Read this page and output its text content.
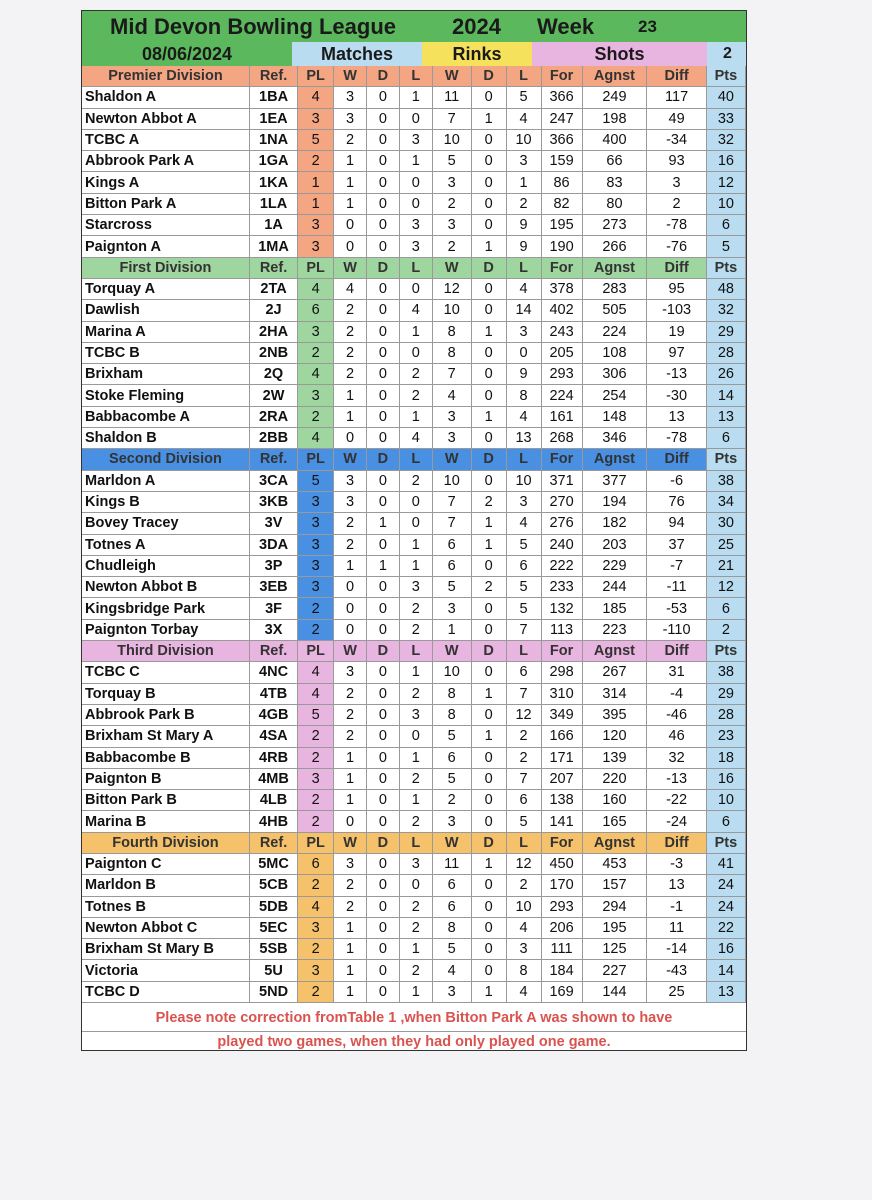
Mid Devon Bowling League	2024 Week	23
08/06/2024	Matches	Rinks	Shots	2
Premier Division	Ref.	PL	W	D	L	W	D	L	For	Agnst	Diff	Pts
Shaldon A	1BA	4	3	0	1	11	0	5	366	249	117	40
Newton Abbot A	1EA	3	3	0	0	7	1	4	247	198	49	33
TCBC A	1NA	5	2	0	3	10	0	10	366	400	-34	32
Abbrook Park A	1GA	2	1	0	1	5	0	3	159	66	93	16
Kings A	1KA	1	1	0	0	3	0	1	86	83	3	12
Bitton Park A	1LA	1	1	0	0	2	0	2	82	80	2	10
Starcross	1A	3	0	0	3	3	0	9	195	273	-78	6
Paignton A	1MA	3	0	0	3	2	1	9	190	266	-76	5
First Division	Ref.	PL	W	D	L	W	D	L	For	Agnst	Diff	Pts
Torquay A	2TA	4	4	0	0	12	0	4	378	283	95	48
Dawlish	2J	6	2	0	4	10	0	14	402	505	-103	32
Marina A	2HA	3	2	0	1	8	1	3	243	224	19	29
TCBC B	2NB	2	2	0	0	8	0	0	205	108	97	28
Brixham	2Q	4	2	0	2	7	0	9	293	306	-13	26
Stoke Fleming	2W	3	1	0	2	4	0	8	224	254	-30	14
Babbacombe A	2RA	2	1	0	1	3	1	4	161	148	13	13
Shaldon B	2BB	4	0	0	4	3	0	13	268	346	-78	6
Second Division	Ref.	PL	W	D	L	W	D	L	For	Agnst	Diff	Pts
Marldon A	3CA	5	3	0	2	10	0	10	371	377	-6	38
Kings B	3KB	3	3	0	0	7	2	3	270	194	76	34
Bovey Tracey	3V	3	2	1	0	7	1	4	276	182	94	30
Totnes A	3DA	3	2	0	1	6	1	5	240	203	37	25
Chudleigh	3P	3	1	1	1	6	0	6	222	229	-7	21
Newton Abbot B	3EB	3	0	0	3	5	2	5	233	244	-11	12
Kingsbridge Park	3F	2	0	0	2	3	0	5	132	185	-53	6
Paignton Torbay	3X	2	0	0	2	1	0	7	113	223	-110	2
Third Division	Ref.	PL	W	D	L	W	D	L	For	Agnst	Diff	Pts
TCBC C	4NC	4	3	0	1	10	0	6	298	267	31	38
Torquay B	4TB	4	2	0	2	8	1	7	310	314	-4	29
Abbrook Park B	4GB	5	2	0	3	8	0	12	349	395	-46	28
Brixham St Mary A	4SA	2	2	0	0	5	1	2	166	120	46	23
Babbacombe B	4RB	2	1	0	1	6	0	2	171	139	32	18
Paignton B	4MB	3	1	0	2	5	0	7	207	220	-13	16
Bitton Park B	4LB	2	1	0	1	2	0	6	138	160	-22	10
Marina B	4HB	2	0	0	2	3	0	5	141	165	-24	6
Fourth Division	Ref.	PL	W	D	L	W	D	L	For	Agnst	Diff	Pts
Paignton C	5MC	6	3	0	3	11	1	12	450	453	-3	41
Marldon B	5CB	2	2	0	0	6	0	2	170	157	13	24
Totnes B	5DB	4	2	0	2	6	0	10	293	294	-1	24
Newton Abbot C	5EC	3	1	0	2	8	0	4	206	195	11	22
Brixham St Mary B	5SB	2	1	0	1	5	0	3	111	125	-14	16
Victoria	5U	3	1	0	2	4	0	8	184	227	-43	14
TCBC D	5ND	2	1	0	1	3	1	4	169	144	25	13
Please note correction fromTable 1 ,when Bitton Park A was shown to have
played two games, when they had only played one game.
